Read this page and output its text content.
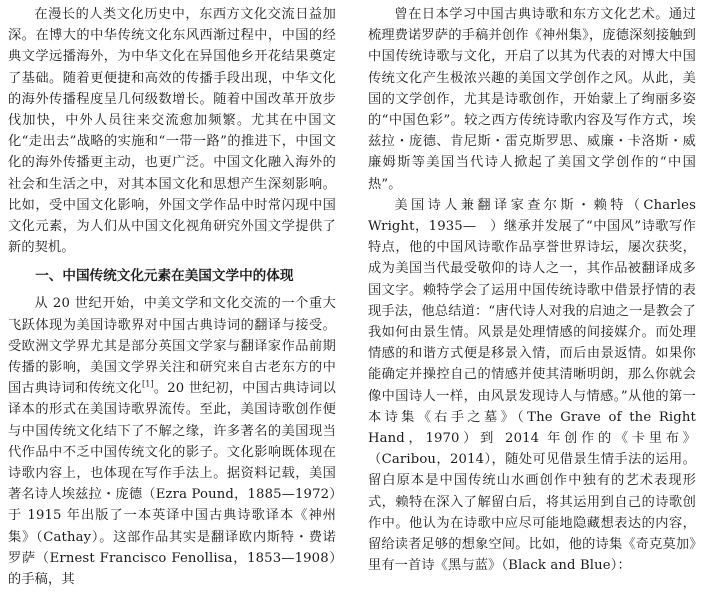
在漫长的人类文化历史中，东西方文化交流日益加深。在博大的中华传统文化东风西渐过程中，中国的经典文学远播海外，为中华文化在异国他乡开花结果奠定了基础。随着更便捷和高效的传播手段出现，中华文化的海外传播程度呈几何级数增长。随着中国改革开放步伐加快，中外人员往来交流愈加频繁。尤其在中国文化“走出去”战略的实施和“一带一路”的推进下，中国文化的海外传播更主动，也更广泛。中国文化融入海外的社会和生活之中，对其本国文化和思想产生深刻影响。比如，受中国文化影响，外国文学作品中时常闪现中国文化元素，为人们从中国文化视角研究外国文学提供了新的契机。

一、中国传统文化元素在美国文学中的体现

从 20 世纪开始，中美文学和文化交流的一个重大飞跃体现为美国诗歌界对中国古典诗词的翻译与接受。受欧洲文学界尤其是部分英国文学家与翻译家作品前期传播的影响，美国文学界关注和研究来自古老东方的中国古典诗词和传统文化[1]。20 世纪初，中国古典诗词以译本的形式在美国诗歌界流传。至此，美国诗歌创作便与中国传统文化结下了不解之缘，许多著名的美国现当代作品中不乏中国传统文化的影子。文化影响既体现在诗歌内容上，也体现在写作手法上。据资料记载，美国著名诗人埃兹拉・庞德（Ezra Pound，1885—1972）于 1915 年出版了一本英译中国古典诗歌译本《神州集》（Cathay）。这部作品其实是翻译欧内斯特・费诺罗萨（Ernest Francisco Fenollisa，1853—1908）的手稿，其

曾在日本学习中国古典诗歌和东方文化艺术。通过梳理费诺罗萨的手稿并创作《神州集》，庞德深刻接触到中国传统诗歌与文化，开启了以其为代表的对博大中国传统文化产生极浓兴趣的美国文学创作之风。从此，美国的文学创作，尤其是诗歌创作，开始蒙上了绚丽多姿的“中国色彩”。较之西方传统诗歌内容及写作方式，埃兹拉・庞德、肯尼斯・雷克斯罗思、威廉・卡洛斯・威廉姆斯等美国当代诗人掀起了美国文学创作的“中国热”。

美国诗人兼翻译家查尔斯・赖特（Charles Wright，1935—　）继承并发展了“中国风”诗歌写作特点，他的中国风诗歌作品享誉世界诗坛，屡次获奖，成为美国当代最受敬仰的诗人之一，其作品被翻译成多国文字。赖特学会了运用中国传统诗歌中借景抒情的表现手法，他总结道：“唐代诗人对我的启迪之一是教会了我如何由景生情。风景是处理情感的间接媒介。而处理情感的和谐方式便是移景入情，而后由景返情。如果你能确定并操控自己的情感并使其清晰明朗，那么你就会像中国诗人一样，由风景发现诗人与情感。”从他的第一本诗集《右手之墓》（The Grave of the Right Hand，1970）到 2014 年创作的《卡里布》（Caribou，2014），随处可见借景生情手法的运用。留白原本是中国传统山水画创作中独有的艺术表现形式，赖特在深入了解留白后，将其运用到自己的诗歌创作中。他认为在诗歌中应尽可能地隐藏想表达的内容，留给读者足够的想象空间。比如，他的诗集《奇克莫加》里有一首诗《黑与蓝》（Black and Blue）：
